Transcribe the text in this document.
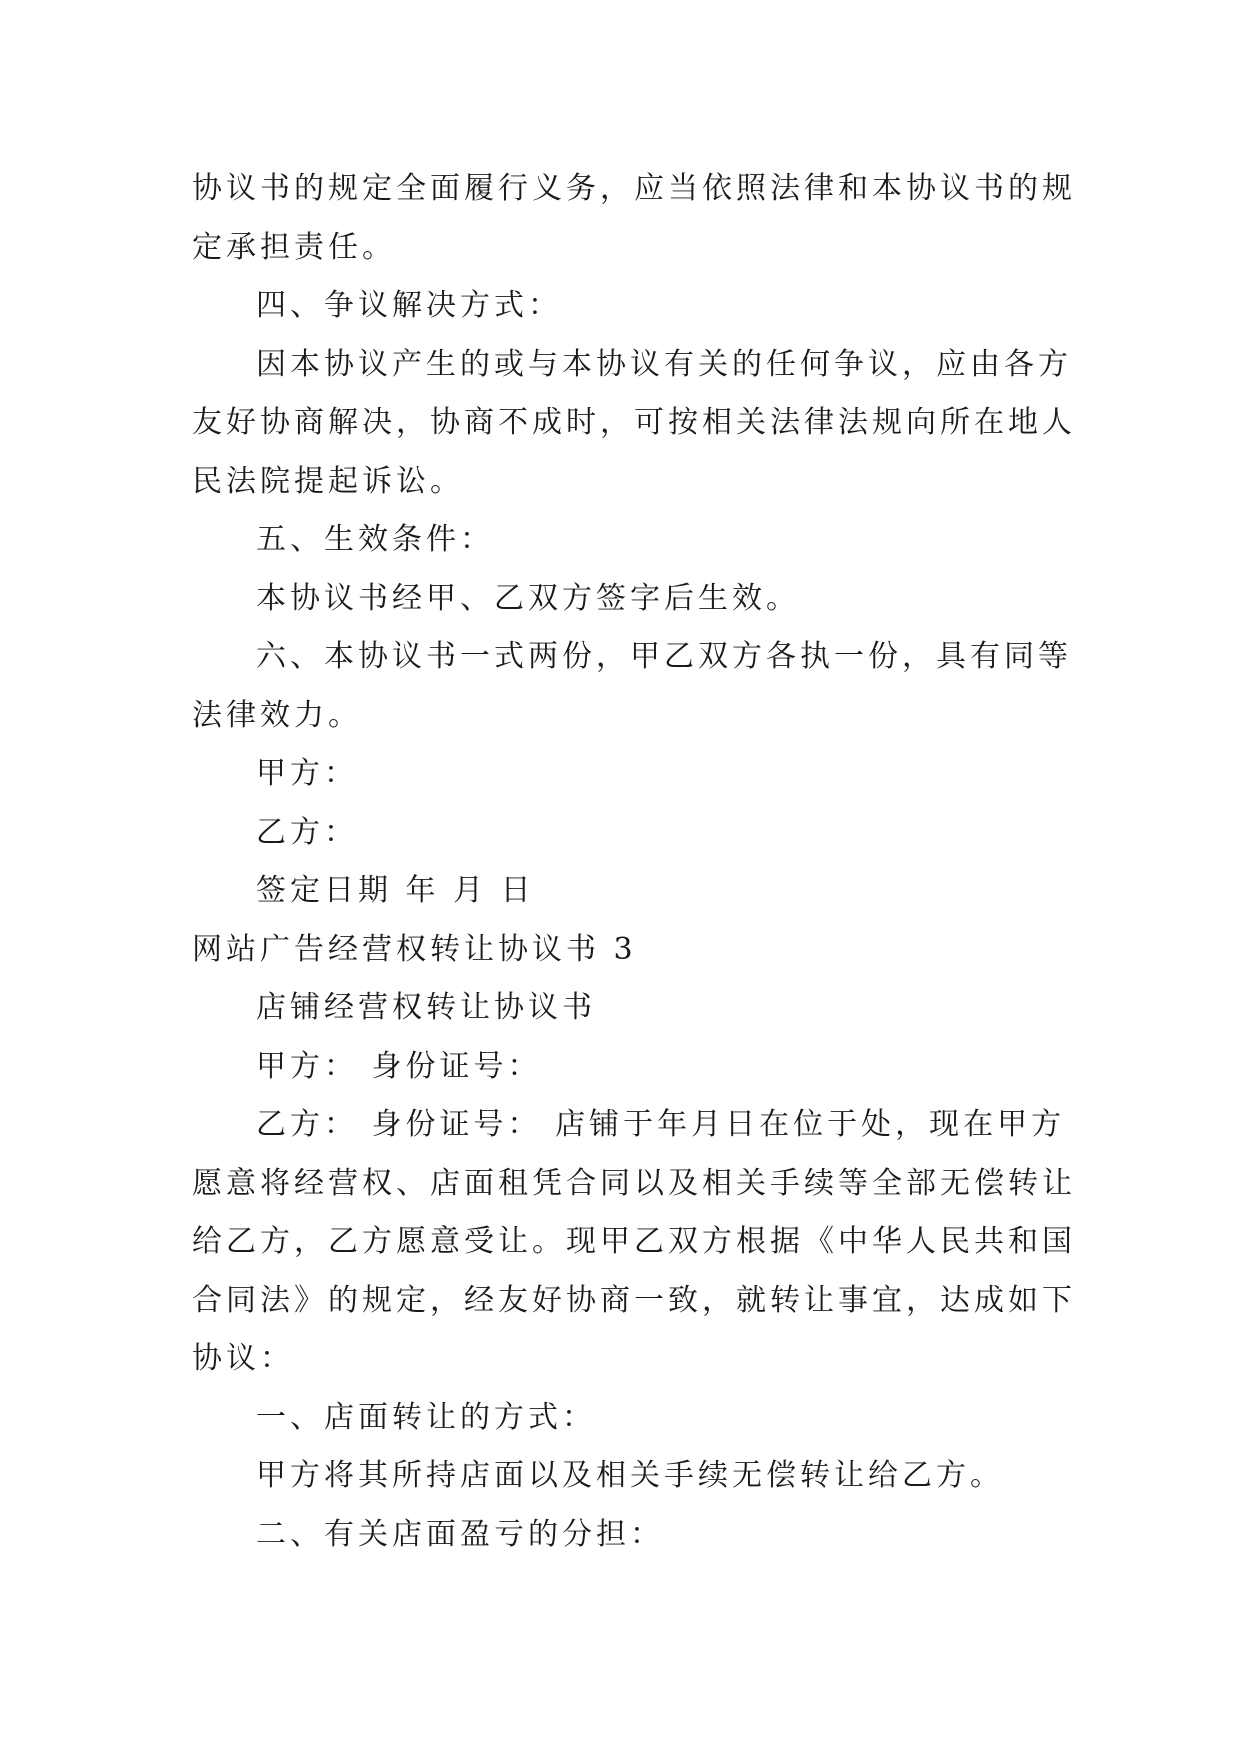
协议书的规定全面履行义务，应当依照法律和本协议书的规
定承担责任。
四、争议解决方式：
因本协议产生的或与本协议有关的任何争议，应由各方
友好协商解决，协商不成时，可按相关法律法规向所在地人
民法院提起诉讼。
五、生效条件：
本协议书经甲、乙双方签字后生效。
六、本协议书一式两份，甲乙双方各执一份，具有同等
法律效力。
甲方：
乙方：
签定日期 年 月 日
网站广告经营权转让协议书 3
店铺经营权转让协议书
甲方： 身份证号：
乙方： 身份证号： 店铺于年月日在位于处，现在甲方
愿意将经营权、店面租凭合同以及相关手续等全部无偿转让
给乙方，乙方愿意受让。现甲乙双方根据《中华人民共和国
合同法》的规定，经友好协商一致，就转让事宜，达成如下
协议：
一、店面转让的方式：
甲方将其所持店面以及相关手续无偿转让给乙方。
二、有关店面盈亏的分担：
